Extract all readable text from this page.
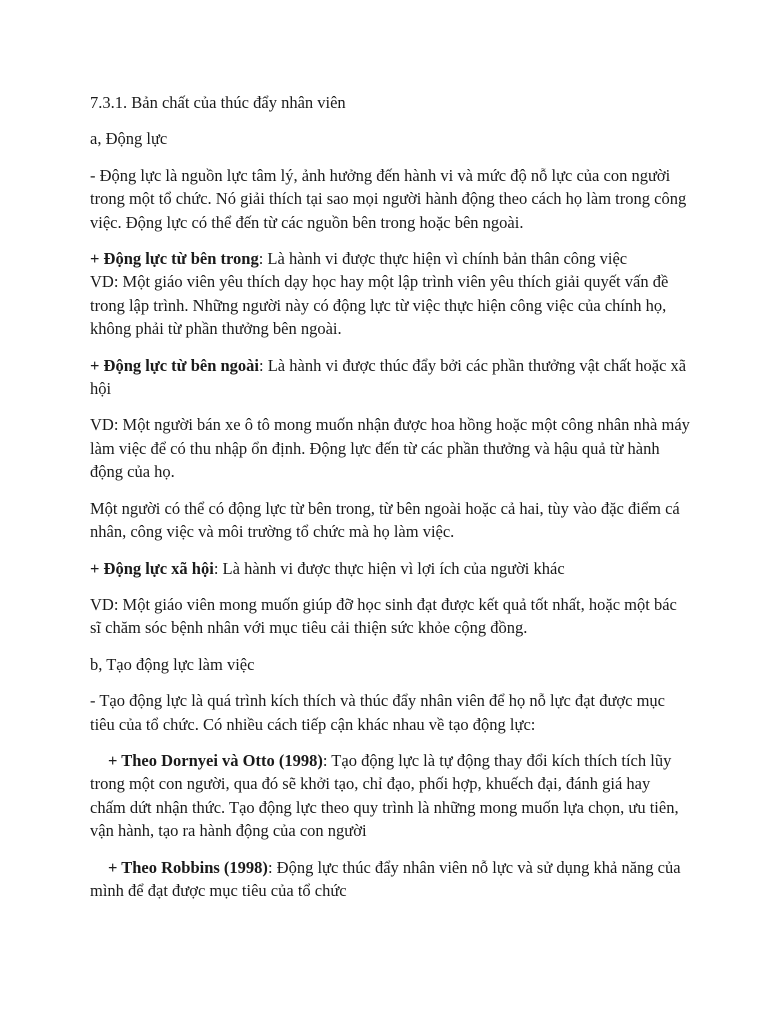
7.3.1. Bản chất của thúc đẩy nhân viên

a, Động lực

- Động lực là nguồn lực tâm lý, ảnh hưởng đến hành vi và mức độ nỗ lực của con người trong một tổ chức. Nó giải thích tại sao mọi người hành động theo cách họ làm trong công việc. Động lực có thể đến từ các nguồn bên trong hoặc bên ngoài.

+ Động lực từ bên trong: Là hành vi được thực hiện vì chính bản thân công việc
VD: Một giáo viên yêu thích dạy học hay một lập trình viên yêu thích giải quyết vấn đề trong lập trình. Những người này có động lực từ việc thực hiện công việc của chính họ, không phải từ phần thưởng bên ngoài.

+ Động lực từ bên ngoài: Là hành vi được thúc đẩy bởi các phần thưởng vật chất hoặc xã hội

VD: Một người bán xe ô tô mong muốn nhận được hoa hồng hoặc một công nhân nhà máy làm việc để có thu nhập ổn định. Động lực đến từ các phần thưởng và hậu quả từ hành động của họ.

Một người có thể có động lực từ bên trong, từ bên ngoài hoặc cả hai, tùy vào đặc điểm cá nhân, công việc và môi trường tổ chức mà họ làm việc.

+ Động lực xã hội: Là hành vi được thực hiện vì lợi ích của người khác

VD: Một giáo viên mong muốn giúp đỡ học sinh đạt được kết quả tốt nhất, hoặc một bác sĩ chăm sóc bệnh nhân với mục tiêu cải thiện sức khỏe cộng đồng.

b, Tạo động lực làm việc

- Tạo động lực là quá trình kích thích và thúc đẩy nhân viên để họ nỗ lực đạt được mục tiêu của tổ chức. Có nhiều cách tiếp cận khác nhau về tạo động lực:

+ Theo Dornyei và Otto (1998): Tạo động lực là tự động thay đổi kích thích tích lũy trong một con người, qua đó sẽ khởi tạo, chỉ đạo, phối hợp, khuếch đại, đánh giá hay chấm dứt nhận thức. Tạo động lực theo quy trình là những mong muốn lựa chọn, ưu tiên, vận hành, tạo ra hành động của con người

+ Theo Robbins (1998): Động lực thúc đẩy nhân viên nỗ lực và sử dụng khả năng của mình để đạt được mục tiêu của tổ chức
